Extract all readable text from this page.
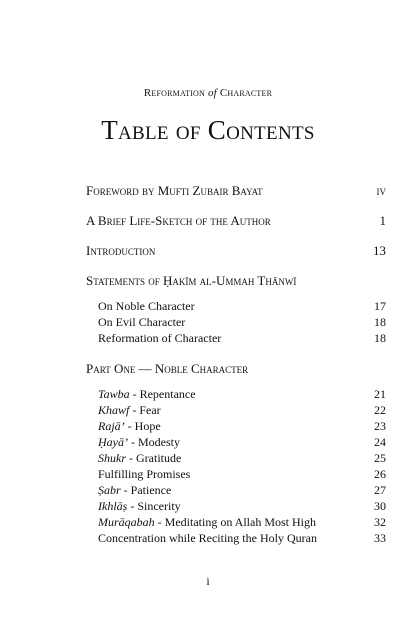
Reformation of Character
Table of Contents
Foreword by Mufti Zubair Bayat	iv
A Brief Life-Sketch of the Author	1
Introduction	13
Statements of Ḥakīm al-Ummah Thānwī
On Noble Character	17
On Evil Character	18
Reformation of Character	18
Part One — Noble Character
Tawba - Repentance	21
Khawf - Fear	22
Rajā’ - Hope	23
Ḥayā’ - Modesty	24
Shukr - Gratitude	25
Fulfilling Promises	26
Ṣabr - Patience	27
Ikhlāṣ - Sincerity	30
Murāqabah - Meditating on Allah Most High	32
Concentration while Reciting the Holy Quran	33
i
